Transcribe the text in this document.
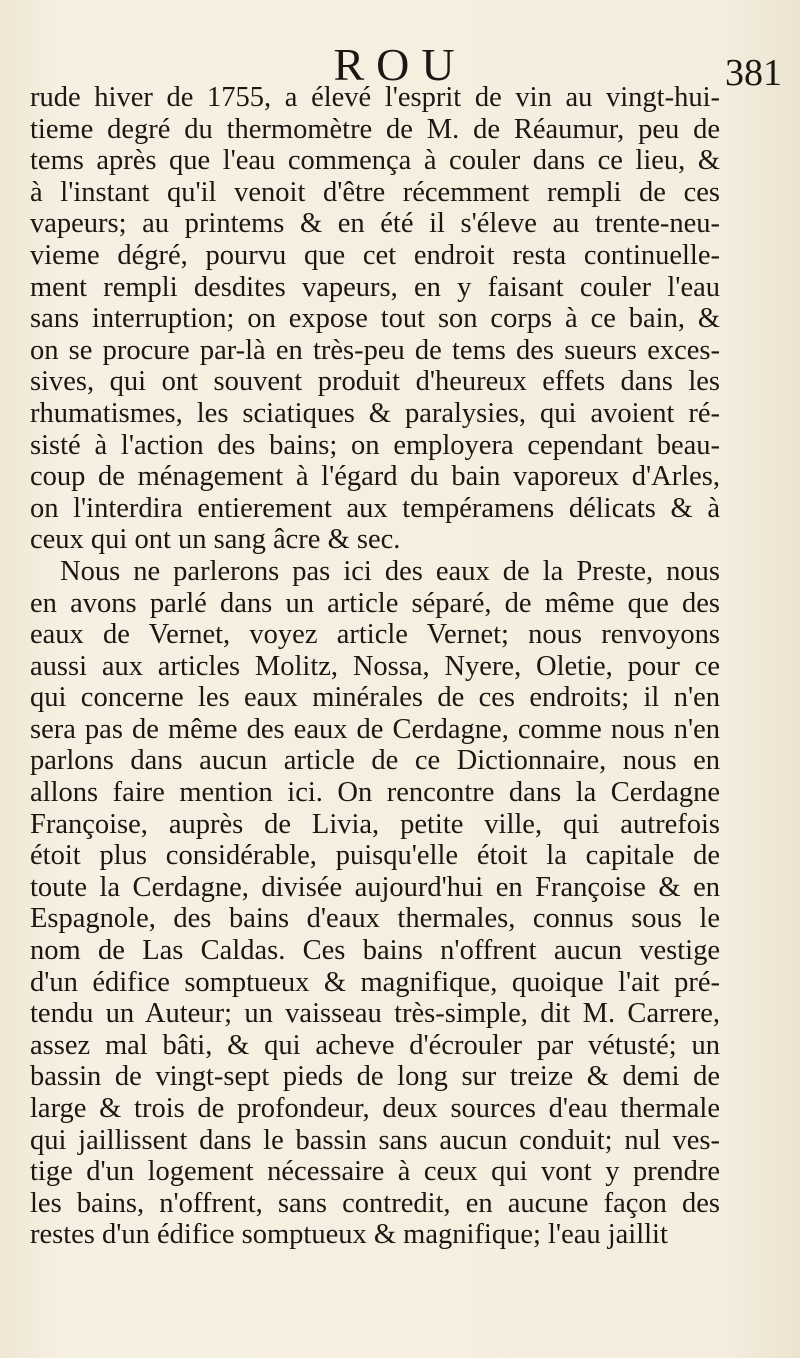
ROU	381
rude hiver de 1755, a élevé l'esprit de vin au vingt-hui-
tieme degré du thermomètre de M. de Réaumur, peu de
tems après que l'eau commença à couler dans ce lieu, &
à l'instant qu'il venoit d'être récemment rempli de ces
vapeurs; au printems & en été il s'éleve au trente-neu-
vieme dégré, pourvu que cet endroit resta continuelle-
ment rempli desdites vapeurs, en y faisant couler l'eau
sans interruption; on expose tout son corps à ce bain, &
on se procure par-là en très-peu de tems des sueurs exces-
sives, qui ont souvent produit d'heureux effets dans les
rhumatismes, les sciatiques & paralysies, qui avoient ré-
sisté à l'action des bains; on employera cependant beau-
coup de ménagement à l'égard du bain vaporeux d'Arles,
on l'interdira entierement aux tempéramens délicats & à
ceux qui ont un sang âcre & sec.
Nous ne parlerons pas ici des eaux de la Preste, nous
en avons parlé dans un article séparé, de même que des
eaux de Vernet, voyez article Vernet; nous renvoyons
aussi aux articles Molitz, Nossa, Nyere, Oletie, pour ce
qui concerne les eaux minérales de ces endroits; il n'en
sera pas de même des eaux de Cerdagne, comme nous n'en
parlons dans aucun article de ce Dictionnaire, nous en
allons faire mention ici. On rencontre dans la Cerdagne
Françoise, auprès de Livia, petite ville, qui autrefois
étoit plus considérable, puisqu'elle étoit la capitale de
toute la Cerdagne, divisée aujourd'hui en Françoise & en
Espagnole, des bains d'eaux thermales, connus sous le
nom de Las Caldas. Ces bains n'offrent aucun vestige
d'un édifice somptueux & magnifique, quoique l'ait pré-
tendu un Auteur; un vaisseau très-simple, dit M. Carrere,
assez mal bâti, & qui acheve d'écrouler par vétusté; un
bassin de vingt-sept pieds de long sur treize & demi de
large & trois de profondeur, deux sources d'eau thermale
qui jaillissent dans le bassin sans aucun conduit; nul ves-
tige d'un logement nécessaire à ceux qui vont y prendre
les bains, n'offrent, sans contredit, en aucune façon des
restes d'un édifice somptueux & magnifique; l'eau jaillit
